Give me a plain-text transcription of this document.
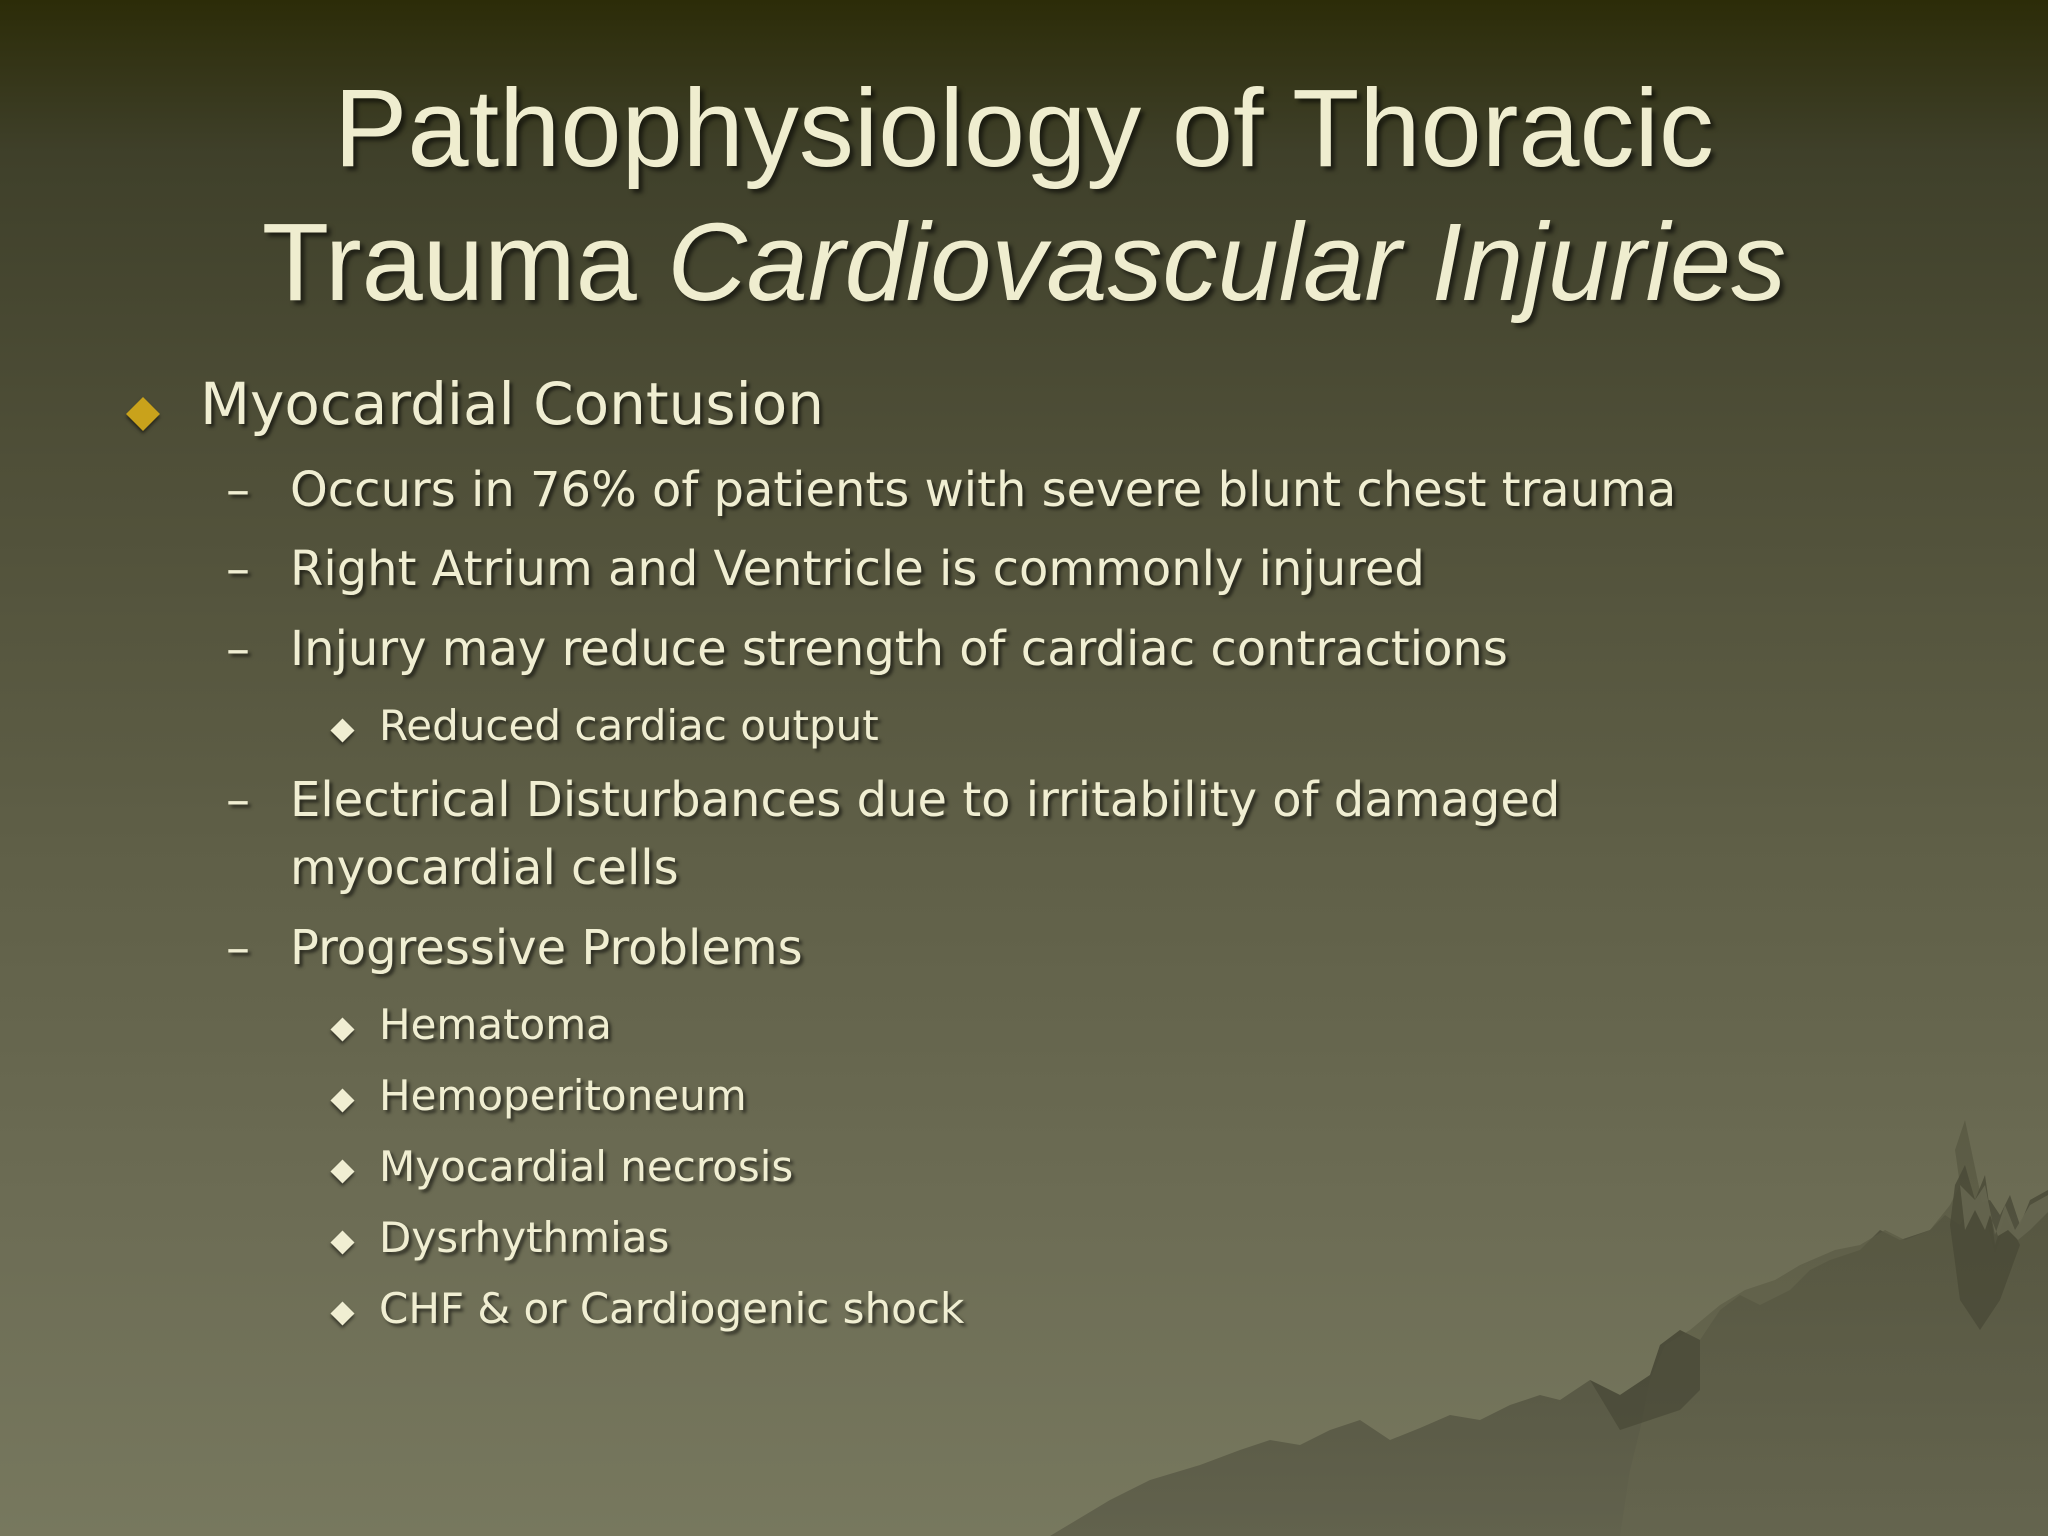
Pathophysiology of Thoracic
Trauma Cardiovascular Injuries
Myocardial Contusion
– Occurs in 76% of patients with severe blunt chest trauma
– Right Atrium and Ventricle is commonly injured
– Injury may reduce strength of cardiac contractions
Reduced cardiac output
– Electrical Disturbances due to irritability of damaged
myocardial cells
– Progressive Problems
Hematoma
Hemoperitoneum
Myocardial necrosis
Dysrhythmias
CHF & or Cardiogenic shock
